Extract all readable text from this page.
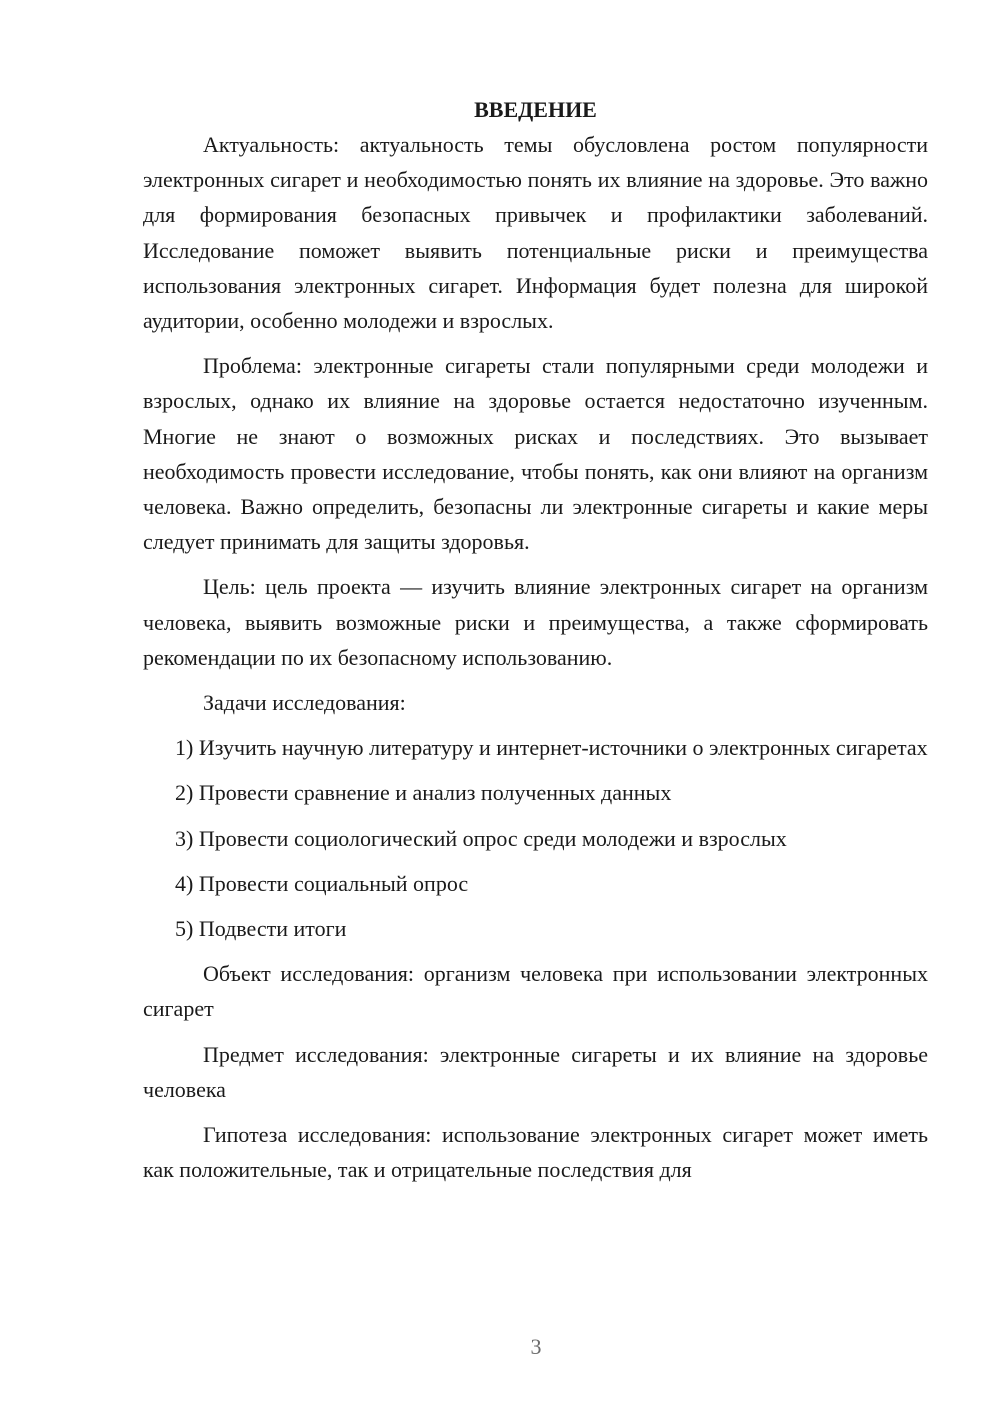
ВВЕДЕНИЕ

Актуальность: актуальность темы обусловлена ростом популярности электронных сигарет и необходимостью понять их влияние на здоровье. Это важно для формирования безопасных привычек и профилактики заболеваний. Исследование поможет выявить потенциальные риски и преимущества использования электронных сигарет. Информация будет полезна для широкой аудитории, особенно молодежи и взрослых.

Проблема: электронные сигареты стали популярными среди молодежи и взрослых, однако их влияние на здоровье остается недостаточно изученным. Многие не знают о возможных рисках и последствиях. Это вызывает необходимость провести исследование, чтобы понять, как они влияют на организм человека. Важно определить, безопасны ли электронные сигареты и какие меры следует принимать для защиты здоровья.

Цель: цель проекта — изучить влияние электронных сигарет на организм человека, выявить возможные риски и преимущества, а также сформировать рекомендации по их безопасному использованию.

Задачи исследования:

1) Изучить научную литературу и интернет-источники о электронных сигаретах

2) Провести сравнение и анализ полученных данных

3) Провести социологический опрос среди молодежи и взрослых

4) Провести социальный опрос

5) Подвести итоги

Объект исследования: организм человека при использовании электронных сигарет

Предмет исследования: электронные сигареты и их влияние на здоровье человека

Гипотеза исследования: использование электронных сигарет может иметь как положительные, так и отрицательные последствия для

3
